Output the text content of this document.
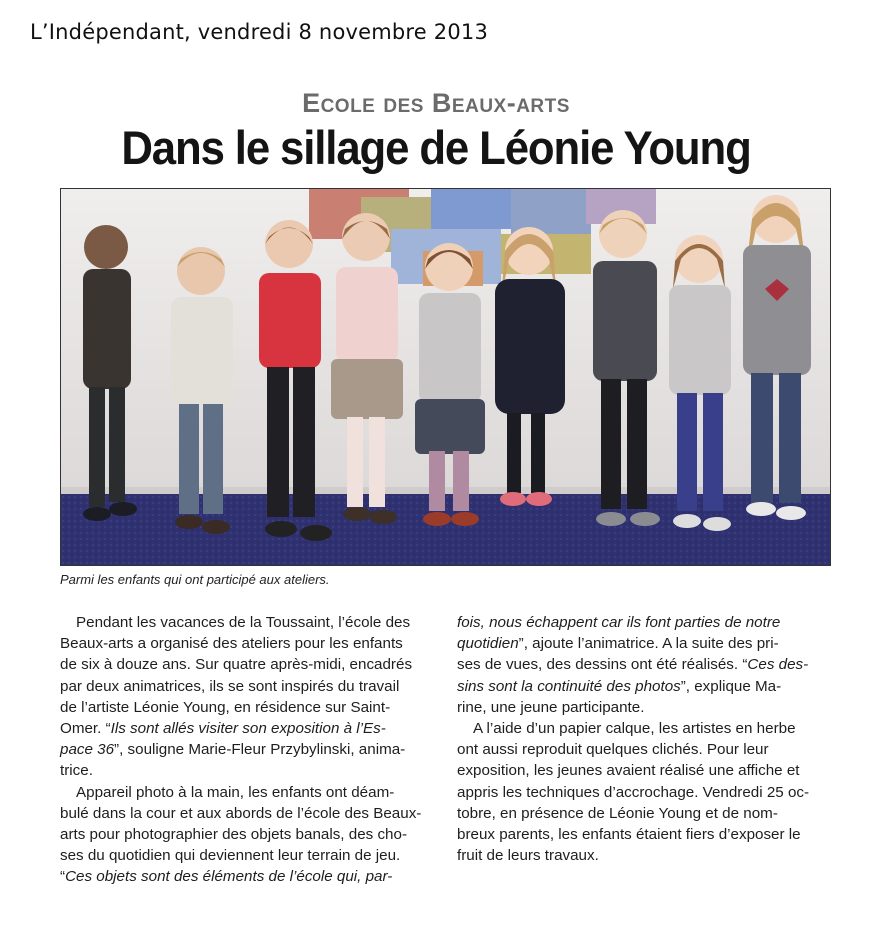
L’Indépendant, vendredi 8 novembre 2013
Ecole des Beaux-arts
Dans le sillage de Léonie Young
Parmi les enfants qui ont participé aux ateliers.
Pendant les vacances de la Toussaint, l’école des
Beaux-arts a organisé des ateliers pour les enfants
de six à douze ans. Sur quatre après-midi, encadrés
par deux animatrices, ils se sont inspirés du travail
de l’artiste Léonie Young, en résidence sur Saint-
Omer. “Ils sont allés visiter son exposition à l’Es-
pace 36”, souligne Marie-Fleur Przybylinski, anima-
trice.
Appareil photo à la main, les enfants ont déam-
bulé dans la cour et aux abords de l’école des Beaux-
arts pour photographier des objets banals, des cho-
ses du quotidien qui deviennent leur terrain de jeu.
“Ces objets sont des éléments de l’école qui, par-
fois, nous échappent car ils font parties de notre
quotidien”, ajoute l’animatrice. A la suite des pri-
ses de vues, des dessins ont été réalisés. “Ces des-
sins sont la continuité des photos”, explique Ma-
rine, une jeune participante.
A l’aide d’un papier calque, les artistes en herbe
ont aussi reproduit quelques clichés. Pour leur
exposition, les jeunes avaient réalisé une affiche et
appris les techniques d’accrochage. Vendredi 25 oc-
tobre, en présence de Léonie Young et de nom-
breux parents, les enfants étaient fiers d’exposer le
fruit de leurs travaux.
